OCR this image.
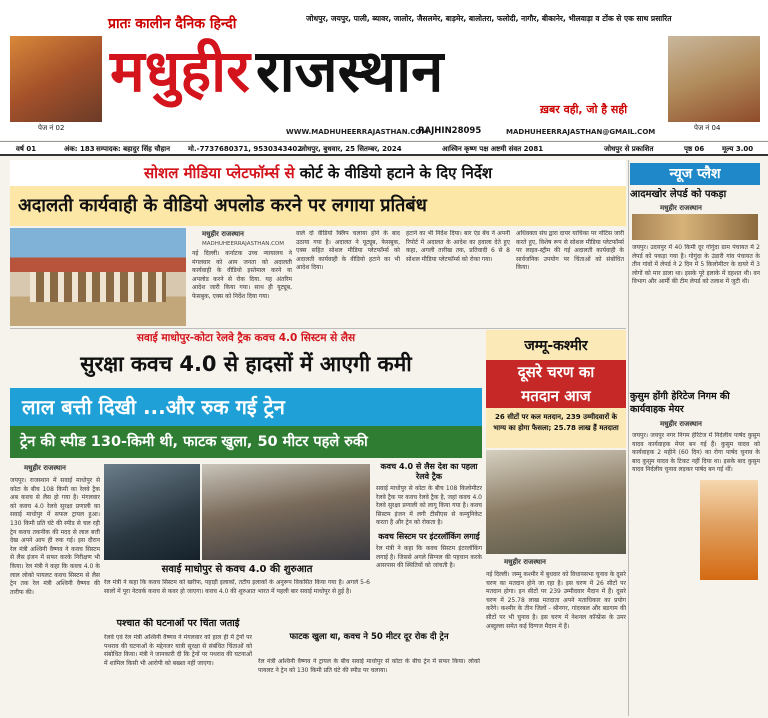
प्रातः कालीन दैनिक हिन्दी	जोधपुर, जयपुर, पाली, ब्यावर, जालोर, जैसलमेर, बाड़मेर, बालोतरा, फलोदी, नागौर, बीकानेर, भीलवाड़ा व टोंक से एक साथ प्रसारित
पेज नं 02
मधुहीर राजस्थान
ख़बर वही, जो है सही
पेज नं 04
WWW.MADHUHEERRAJASTHAN.COM
RAJHIN28095	MADHUHEERRAJASTHAN@GMAIL.COM
वर्ष 01	अंक: 183 सम्पादक: बहादुर सिंह चौहान	मो.-7737680371, 9530343402
जोधपुर, बुधवार, 25 सितम्बर, 2024	आश्विन कृष्ण पक्ष अष्टमी संवत 2081	जोधपुर से प्रकाशित	पृष्ठ 06	मूल्य 3.00
सोशल मीडिया प्लेटफॉर्म्स से कोर्ट के वीडियो हटाने के दिए निर्देश
अदालती कार्यवाही के वीडियो अपलोड करने पर लगाया प्रतिबंध
मधुहीर राजस्थान
MADHUHEERRAJASTHAN.COM

नई दिल्ली। कर्नाटक उच्च न्यायालय ने मंगलवार को आम जनता को अदालती कार्यवाही के वीडियो इस्तेमाल करने या अपलोड करने से रोक दिया. यह अंतरिम आदेश जारी किया गया। साथ ही यूट्यूब, फेसबुक, एक्स को निर्देश दिया गया।

वाले दो वीडियो क्लिप चलाया होने के बाद उठाया गया है। अदालत ने यूट्यूब, फेसबुक, एक्स सहित सोशल मीडिया प्लेटफॉर्म्स को अदालती कार्यवाही के वीडियो हटाने का भी आदेश दिया।

हटाने का भी निर्देश दिया। बार एंड बेंच ने अपनी रिपोर्ट में अदालत के आदेश का हवाला देते हुए कहा, अगली तारीख तक, प्रतिवादी 6 से 8 सोशल मीडिया प्लेटफॉर्म्स को रोका गया।

अधिवक्ता संघ द्वारा दायर याचिका पर नोटिस जारी करते हुए, विशेष रूप से सोशल मीडिया प्लेटफॉर्म्स पर लाइव-स्ट्रीम की गई अदालती कार्यवाही के सार्वजनिक उपयोग पर चिंताओं को संबोधित किया।

सवाई माधोपुर-कोटा रेलवे ट्रैक कवच 4.0 सिस्टम से लैस
सुरक्षा कवच 4.0 से हादसों में आएगी कमी
लाल बत्ती दिखी ...और रुक गई ट्रेन
ट्रेन की स्पीड 130-किमी थी, फाटक खुला, 50 मीटर पहले रुकी
मधुहीर राजस्थान

जयपुर। राजस्थान में सवाई माधोपुर से कोटा के बीच 108 किमी का रेलवे ट्रैक अब कवच से लैस हो गया है। मंगलवार को कवच 4.0 रेलवे सुरक्षा प्रणाली का सवाई माधोपुर में सफल ट्रायल हुआ। 130 किमी प्रति घंटे की स्पीड से चल रही ट्रेन कवच तकनीक की मदद से लाल बत्ती देख अपने आप ही रुक गई। इस दौरान रेल मंत्री अश्विनी वैष्णव ने कवच सिस्टम से लैस इंजन में सफर करके निरीक्षण भी किया। रेल मंत्री ने कहा कि कवच 4.0 के लाल लोको पायलट कवच सिस्टम से लैस ट्रेन तक रेल मंत्री अश्विनी वैष्णव की तारीफ की।

सवाई माधोपुर से कवच 4.0 की शुरुआत

रेल मंत्री ने कहा कि कवच सिस्टम को खरीफ, पहाड़ी इलाकों, तटीय इलाकों के अनुरूप विकसित किया गया है। अगले 5-6 सालों में पूरा नेटवर्क कवच से कवर हो जाएगा। कवच 4.0 की शुरुआत भारत में पहली बार सवाई माधोपुर से हुई है।

कवच 4.0 से लैस देश का पहला रेलवे ट्रैक

सवाई माधोपुर से कोटा के बीच 108 किलोमीटर रेलवे ट्रैक पर कवच रेलवे ट्रैक है, जहां कवच 4.0 रेलवे सुरक्षा प्रणाली को लागू किया गया है। कवच सिस्टम इंजन में लगी टीसीएस से कम्युनिकेट करता है और ट्रेन को रोकता है।

कवच सिस्टम पर इंटरलॉकिंग लगाई

रेल मंत्री ने कहा कि कवच सिस्टम इंटरलॉकिंग लगाई है। जिससे अगले सिग्नल की पहचान करके आसपास की स्थितियों को जांचती है।

पश्चात की घटनाओं पर चिंता जताई

रेलवे एवं रेल मंत्री अश्विनी वैष्णव ने मंगलवार को हाल ही में ट्रेनों पर पथराव की घटनाओं के मद्देनजर यात्री सुरक्षा से संबंधित चिंताओं को संबोधित किया। मंत्री ने जानकारी दी कि ट्रेनों पर पथराव की घटनाओं में शामिल किसी भी आरोपी को बख्शा नहीं जाएगा।

फाटक खुला था, कवच ने 50 मीटर दूर रोक दी ट्रेन

रेल मंत्री अश्विनी वैष्णव ने ट्रायल के बीच सवाई माधोपुर से कोटा के बीच ट्रेन में सफर किया। लोको पायलट ने ट्रेन को 130 किमी प्रति घंटे की स्पीड पर चलाया।

जम्मू-कश्मीर
दूसरे चरण का
मतदान आज
26 सीटों पर कल मतदान, 239 उम्मीदवारों के भाग्य का होगा फैसला; 25.78 लाख हैं मतदाता
मधुहीर राजस्थान

नई दिल्ली। जम्मू कश्मीर में बुधवार को विधानसभा चुनाव के दूसरे चरण का मतदान होने जा रहा है। इस चरण में 26 सीटों पर मतदान होगा। इन सीटों पर 239 उम्मीदवार मैदान में हैं। दूसरे चरण में 25.78 लाख मतदाता अपने मताधिकार का प्रयोग करेंगे। कश्मीर के तीन जिलों - श्रीनगर, गांदरबल और बडगाम की सीटों पर भी चुनाव है। इस चरण में नेशनल कॉन्फ्रेंस के उमर अब्दुल्ला समेत कई दिग्गज मैदान में हैं।

न्यूज प्लैश
आदमखोर लेपर्ड को पकड़ा
मधुहीर राजस्थान

जयपुर। उदयपुर में 40 किमी दूर गोगुंदा ग्राम पंचायत में 2 लेपर्ड को पकड़ा गया है। गोगुंदा के उंडारी गांव पंचायत के तीन गांवों में लेपर्ड ने 2 दिन में 5 किलोमीटर के दायरे में 3 लोगों को मार डाला था। इसके पूरे इलाके में दहशत थी। वन विभाग और आर्मी की टीम लेपर्ड को तलाश में जुटी थी।

कुसुम होंगी हेरिटेज निगम की कार्यवाहक मेयर
मधुहीर राजस्थान

जयपुर। जयपुर नगर निगम हेरिटेज में निर्दलीय पार्षद कुसुम यादव कार्यवाहक मेयर बन गई हैं। कुसुम यादव को कार्यवाहक 2 महीने (60 दिन) का रोगा पार्षद चुनाव के बाद कुसुम यादव के टिकट नहीं दिया था। इसके बाद कुसुम यादव निर्दलीय चुनाव लड़कर पार्षद बन गई थीं।
